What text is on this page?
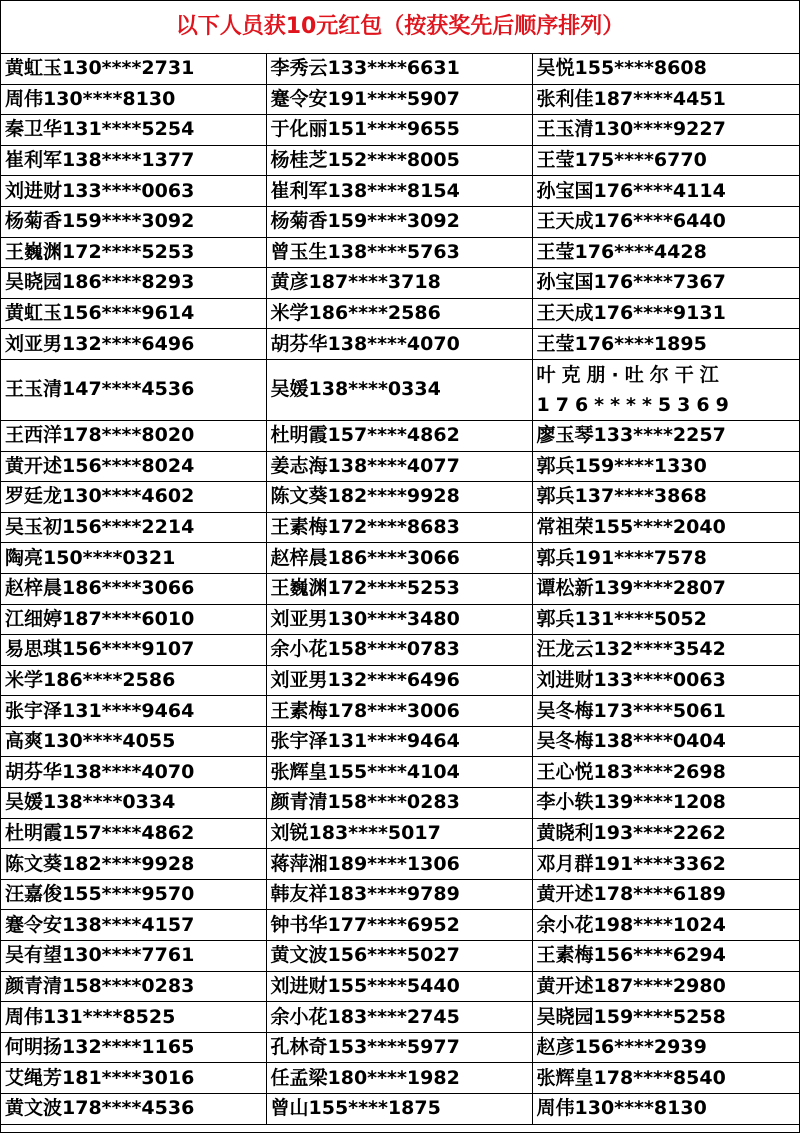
以下人员获10元红包（按获奖先后顺序排列）
黄虹玉130****2731	李秀云133****6631	吴悦155****8608
周伟130****8130	蹇令安191****5907	张利佳187****4451
秦卫华131****5254	于化丽151****9655	王玉清130****9227
崔利军138****1377	杨桂芝152****8005	王莹175****6770
刘进财133****0063	崔利军138****8154	孙宝国176****4114
杨菊香159****3092	杨菊香159****3092	王天成176****6440
王巍渊172****5253	曾玉生138****5763	王莹176****4428
吴晓园186****8293	黄彦187****3718	孙宝国176****7367
黄虹玉156****9614	米学186****2586	王天成176****9131
刘亚男132****6496	胡芬华138****4070	王莹176****1895
王玉清147****4536	吴媛138****0334	叶克朋·吐尔干江176****5369
王西洋178****8020	杜明霞157****4862	廖玉琴133****2257
黄开述156****8024	姜志海138****4077	郭兵159****1330
罗廷龙130****4602	陈文葵182****9928	郭兵137****3868
吴玉初156****2214	王素梅172****8683	常祖荣155****2040
陶亮150****0321	赵梓晨186****3066	郭兵191****7578
赵梓晨186****3066	王巍渊172****5253	谭松新139****2807
江细婷187****6010	刘亚男130****3480	郭兵131****5052
易思琪156****9107	余小花158****0783	汪龙云132****3542
米学186****2586	刘亚男132****6496	刘进财133****0063
张宇泽131****9464	王素梅178****3006	吴冬梅173****5061
高爽130****4055	张宇泽131****9464	吴冬梅138****0404
胡芬华138****4070	张辉皇155****4104	王心悦183****2698
吴媛138****0334	颜青清158****0283	李小轶139****1208
杜明霞157****4862	刘锐183****5017	黄晓利193****2262
陈文葵182****9928	蒋萍湘189****1306	邓月群191****3362
汪嘉俊155****9570	韩友祥183****9789	黄开述178****6189
蹇令安138****4157	钟书华177****6952	余小花198****1024
吴有望130****7761	黄文波156****5027	王素梅156****6294
颜青清158****0283	刘进财155****5440	黄开述187****2980
周伟131****8525	余小花183****2745	吴晓园159****5258
何明扬132****1165	孔林奇153****5977	赵彦156****2939
艾绳芳181****3016	任孟梁180****1982	张辉皇178****8540
黄文波178****4536	曾山155****1875	周伟130****8130
